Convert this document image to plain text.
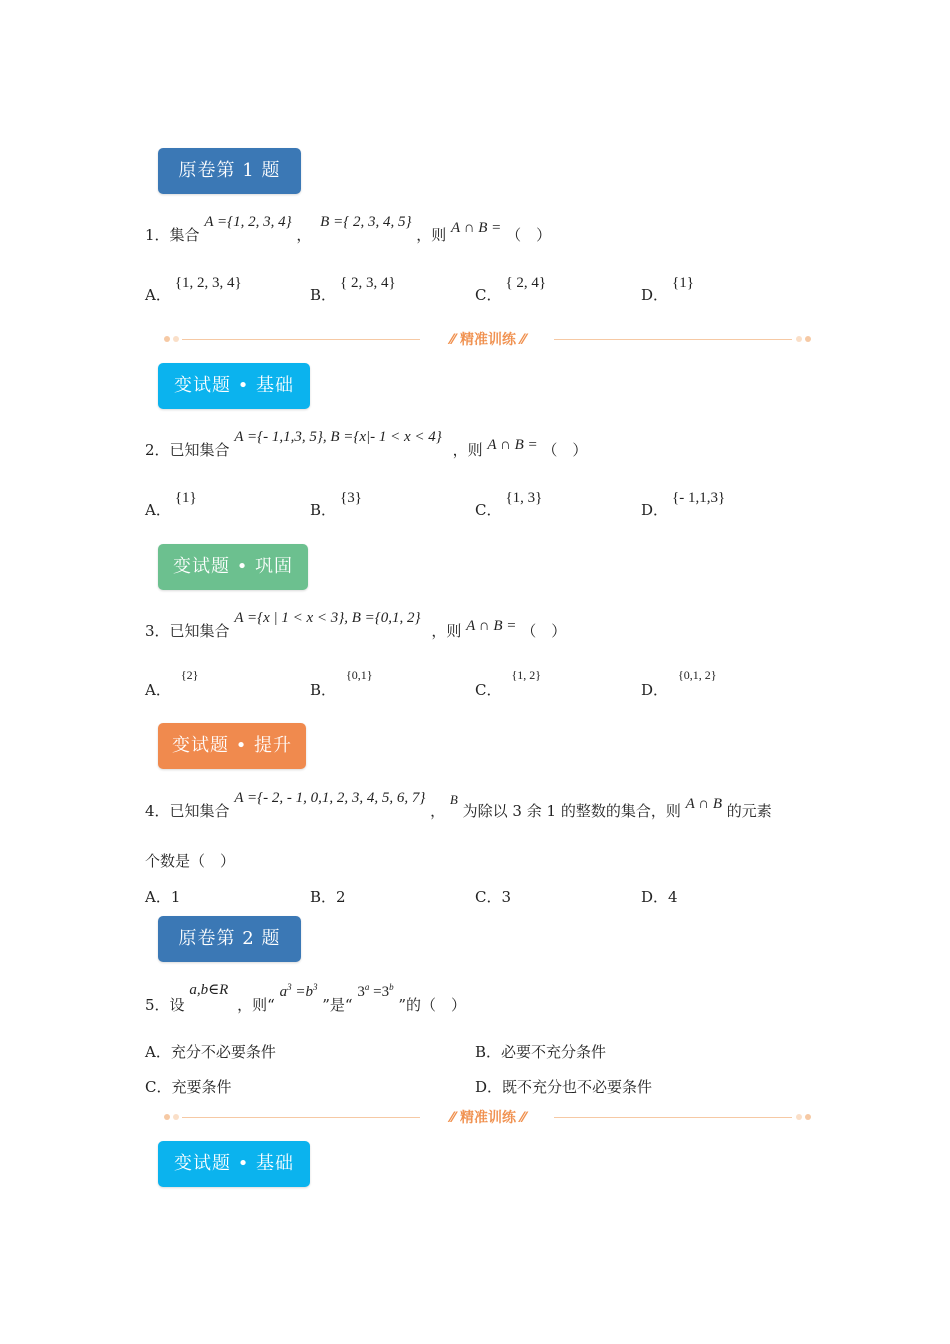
原卷第 1 题
1．集合 A ={1, 2, 3, 4} ， B ={ 2, 3, 4, 5} ，则 A ∩ B = （　）
A．{1, 2, 3, 4}
B．{ 2, 3, 4}
C．{ 2, 4}
D．{1}
⁄⁄ 精准训练 ⁄⁄
变试题 • 基础
2．已知集合 A ={- 1,1,3, 5}, B ={x|- 1 < x < 4} ，则 A ∩ B = （　）
A．{1}
B．{3}
C．{1, 3}
D．{- 1,1,3}
变试题 • 巩固
3．已知集合 A ={x | 1 < x < 3}, B ={0,1, 2} ，则 A ∩ B = （　）
A．$^{\{2\}}$
B．$^{\{0,1\}}$
C．$^{\{1, 2\}}$
D．$^{\{0,1, 2\}}$
变试题 • 提升
4．已知集合 A ={- 2, - 1, 0,1, 2, 3, 4, 5, 6, 7} ， B 为除以 3 余 1 的整数的集合，则 A ∩ B 的元素
个数是（　）
A．1	B．2	C．3	D．4
原卷第 2 题
5．设 a,b∈R ，则“ $a^3 =b^3$ ”是“ $3^a =3^b$ ”的（　）
A．充分不必要条件	B．必要不充分条件
C．充要条件	D．既不充分也不必要条件
⁄⁄ 精准训练 ⁄⁄
变试题 • 基础
